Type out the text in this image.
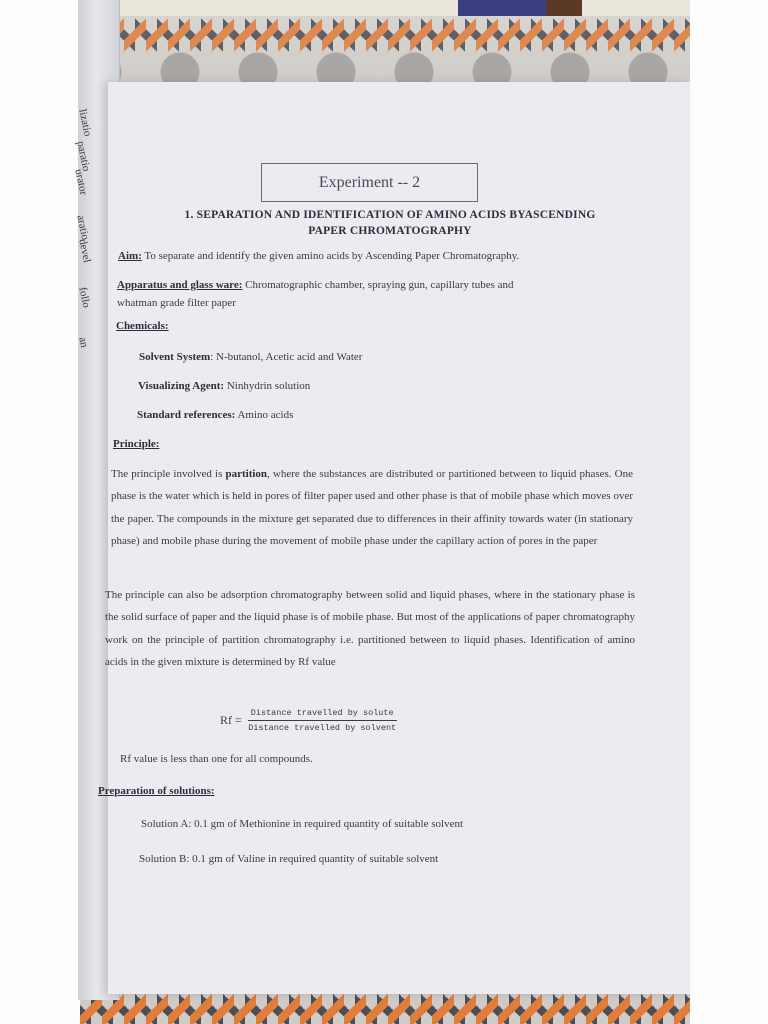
lizatio
paratio
urator
aratio
devel
follo
an
Experiment -- 2
1. SEPARATION AND IDENTIFICATION OF AMINO ACIDS BYASCENDING
PAPER CHROMATOGRAPHY
Aim: To separate and identify the given amino acids by Ascending Paper Chromatography.
Apparatus and glass ware: Chromatographic chamber, spraying gun, capillary tubes and
whatman grade filter paper
Chemicals:
Solvent System: N-butanol, Acetic acid and Water
Visualizing Agent: Ninhydrin solution
Standard references: Amino acids
Principle:
The principle involved is partition, where the substances are distributed or partitioned between to liquid phases. One phase is the water which is held in pores of filter paper used and other phase is that of mobile phase which moves over the paper. The compounds in the mixture get separated due to differences in their affinity towards water (in stationary phase) and mobile phase during the movement of mobile phase under the capillary action of pores in the paper
The principle can also be adsorption chromatography between solid and liquid phases, where in the stationary phase is the solid surface of paper and the liquid phase is of mobile phase. But most of the applications of paper chromatography work on the principle of partition chromatography i.e. partitioned between to liquid phases. Identification of amino acids in the given mixture is determined by Rf value
$Rf = \frac{\text{Distance travelled by solute}}{\text{Distance travelled by solvent}}$
Rf value is less than one for all compounds.
Preparation of solutions:
Solution A: 0.1 gm of Methionine in required quantity of suitable solvent
Solution B: 0.1 gm of Valine in required quantity of suitable solvent
